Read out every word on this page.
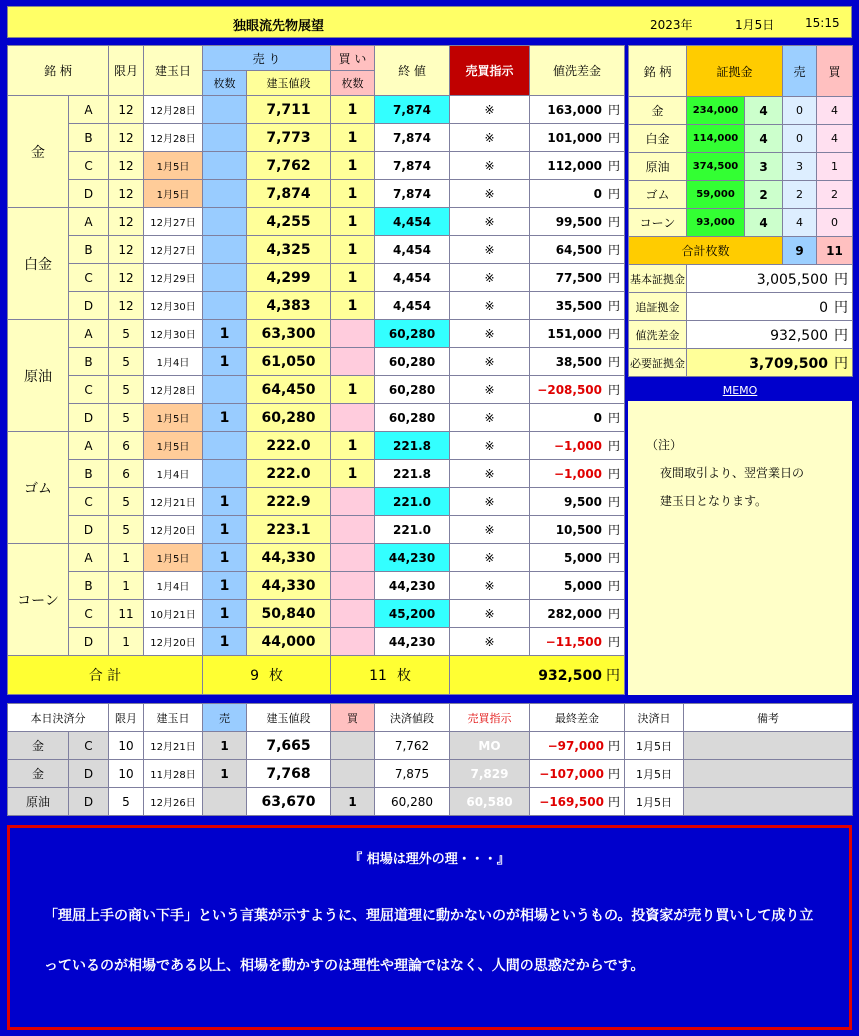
独眼流先物展望	2023年	1月5日	15:15
銘 柄		限月	建玉日	売 り		買 い	終 値	売買指示	値洗差金
				枚数	建玉値段	枚数			
金	A	12	12月28日		7,711	1	7,874	※	163,000 円
	B	12	12月28日		7,773	1	7,874	※	101,000 円
	C	12	1月5日		7,762	1	7,874	※	112,000 円
	D	12	1月5日		7,874	1	7,874	※	0 円
白金	A	12	12月27日		4,255	1	4,454	※	99,500 円
	B	12	12月27日		4,325	1	4,454	※	64,500 円
	C	12	12月29日		4,299	1	4,454	※	77,500 円
	D	12	12月30日		4,383	1	4,454	※	35,500 円
原油	A	5	12月30日	1	63,300		60,280	※	151,000 円
	B	5	1月4日	1	61,050		60,280	※	38,500 円
	C	5	12月28日		64,450	1	60,280	※	−208,500 円
	D	5	1月5日	1	60,280		60,280	※	0 円
ゴム	A	6	1月5日		222.0	1	221.8	※	−1,000 円
	B	6	1月4日		222.0	1	221.8	※	−1,000 円
	C	5	12月21日	1	222.9		221.0	※	9,500 円
	D	5	12月20日	1	223.1		221.0	※	10,500 円
コーン	A	1	1月5日	1	44,330		44,230	※	5,000 円
	B	1	1月4日	1	44,330		44,230	※	5,000 円
	C	11	10月21日	1	50,840		45,200	※	282,000 円
	D	1	12月20日	1	44,000		44,230	※	−11,500 円
合 計				9 枚		11 枚		932,500 円	
銘 柄	証拠金		売	買
金	234,000	4	0	4
白金	114,000	4	0	4
原油	374,500	3	3	1
ゴム	59,000	2	2	2
コーン	93,000	4	4	0
合計枚数			9	11
基本証拠金	3,005,500 円			
追証拠金	0 円			
値洗差金	932,500 円			
必要証拠金	3,709,500 円			
MEMO
（注）
夜間取引より、翌営業日の
建玉日となります。
本日決済分		限月	建玉日	売	建玉値段	買	決済値段	売買指示	最終差金	決済日	備考
金	C	10	12月21日	1	7,665		7,762	MO	−97,000 円	1月5日	
金	D	10	11月28日	1	7,768		7,875	7,829	−107,000 円	1月5日	
原油	D	5	12月26日		63,670	1	60,280	60,580	−169,500 円	1月5日	
『 相場は理外の理・・・』
「理屈上手の商い下手」という言葉が示すように、理屈道理に動かないのが相場というもの。投資家が売り買いして成り立っているのが相場である以上、相場を動かすのは理性や理論ではなく、人間の思惑だからです。
